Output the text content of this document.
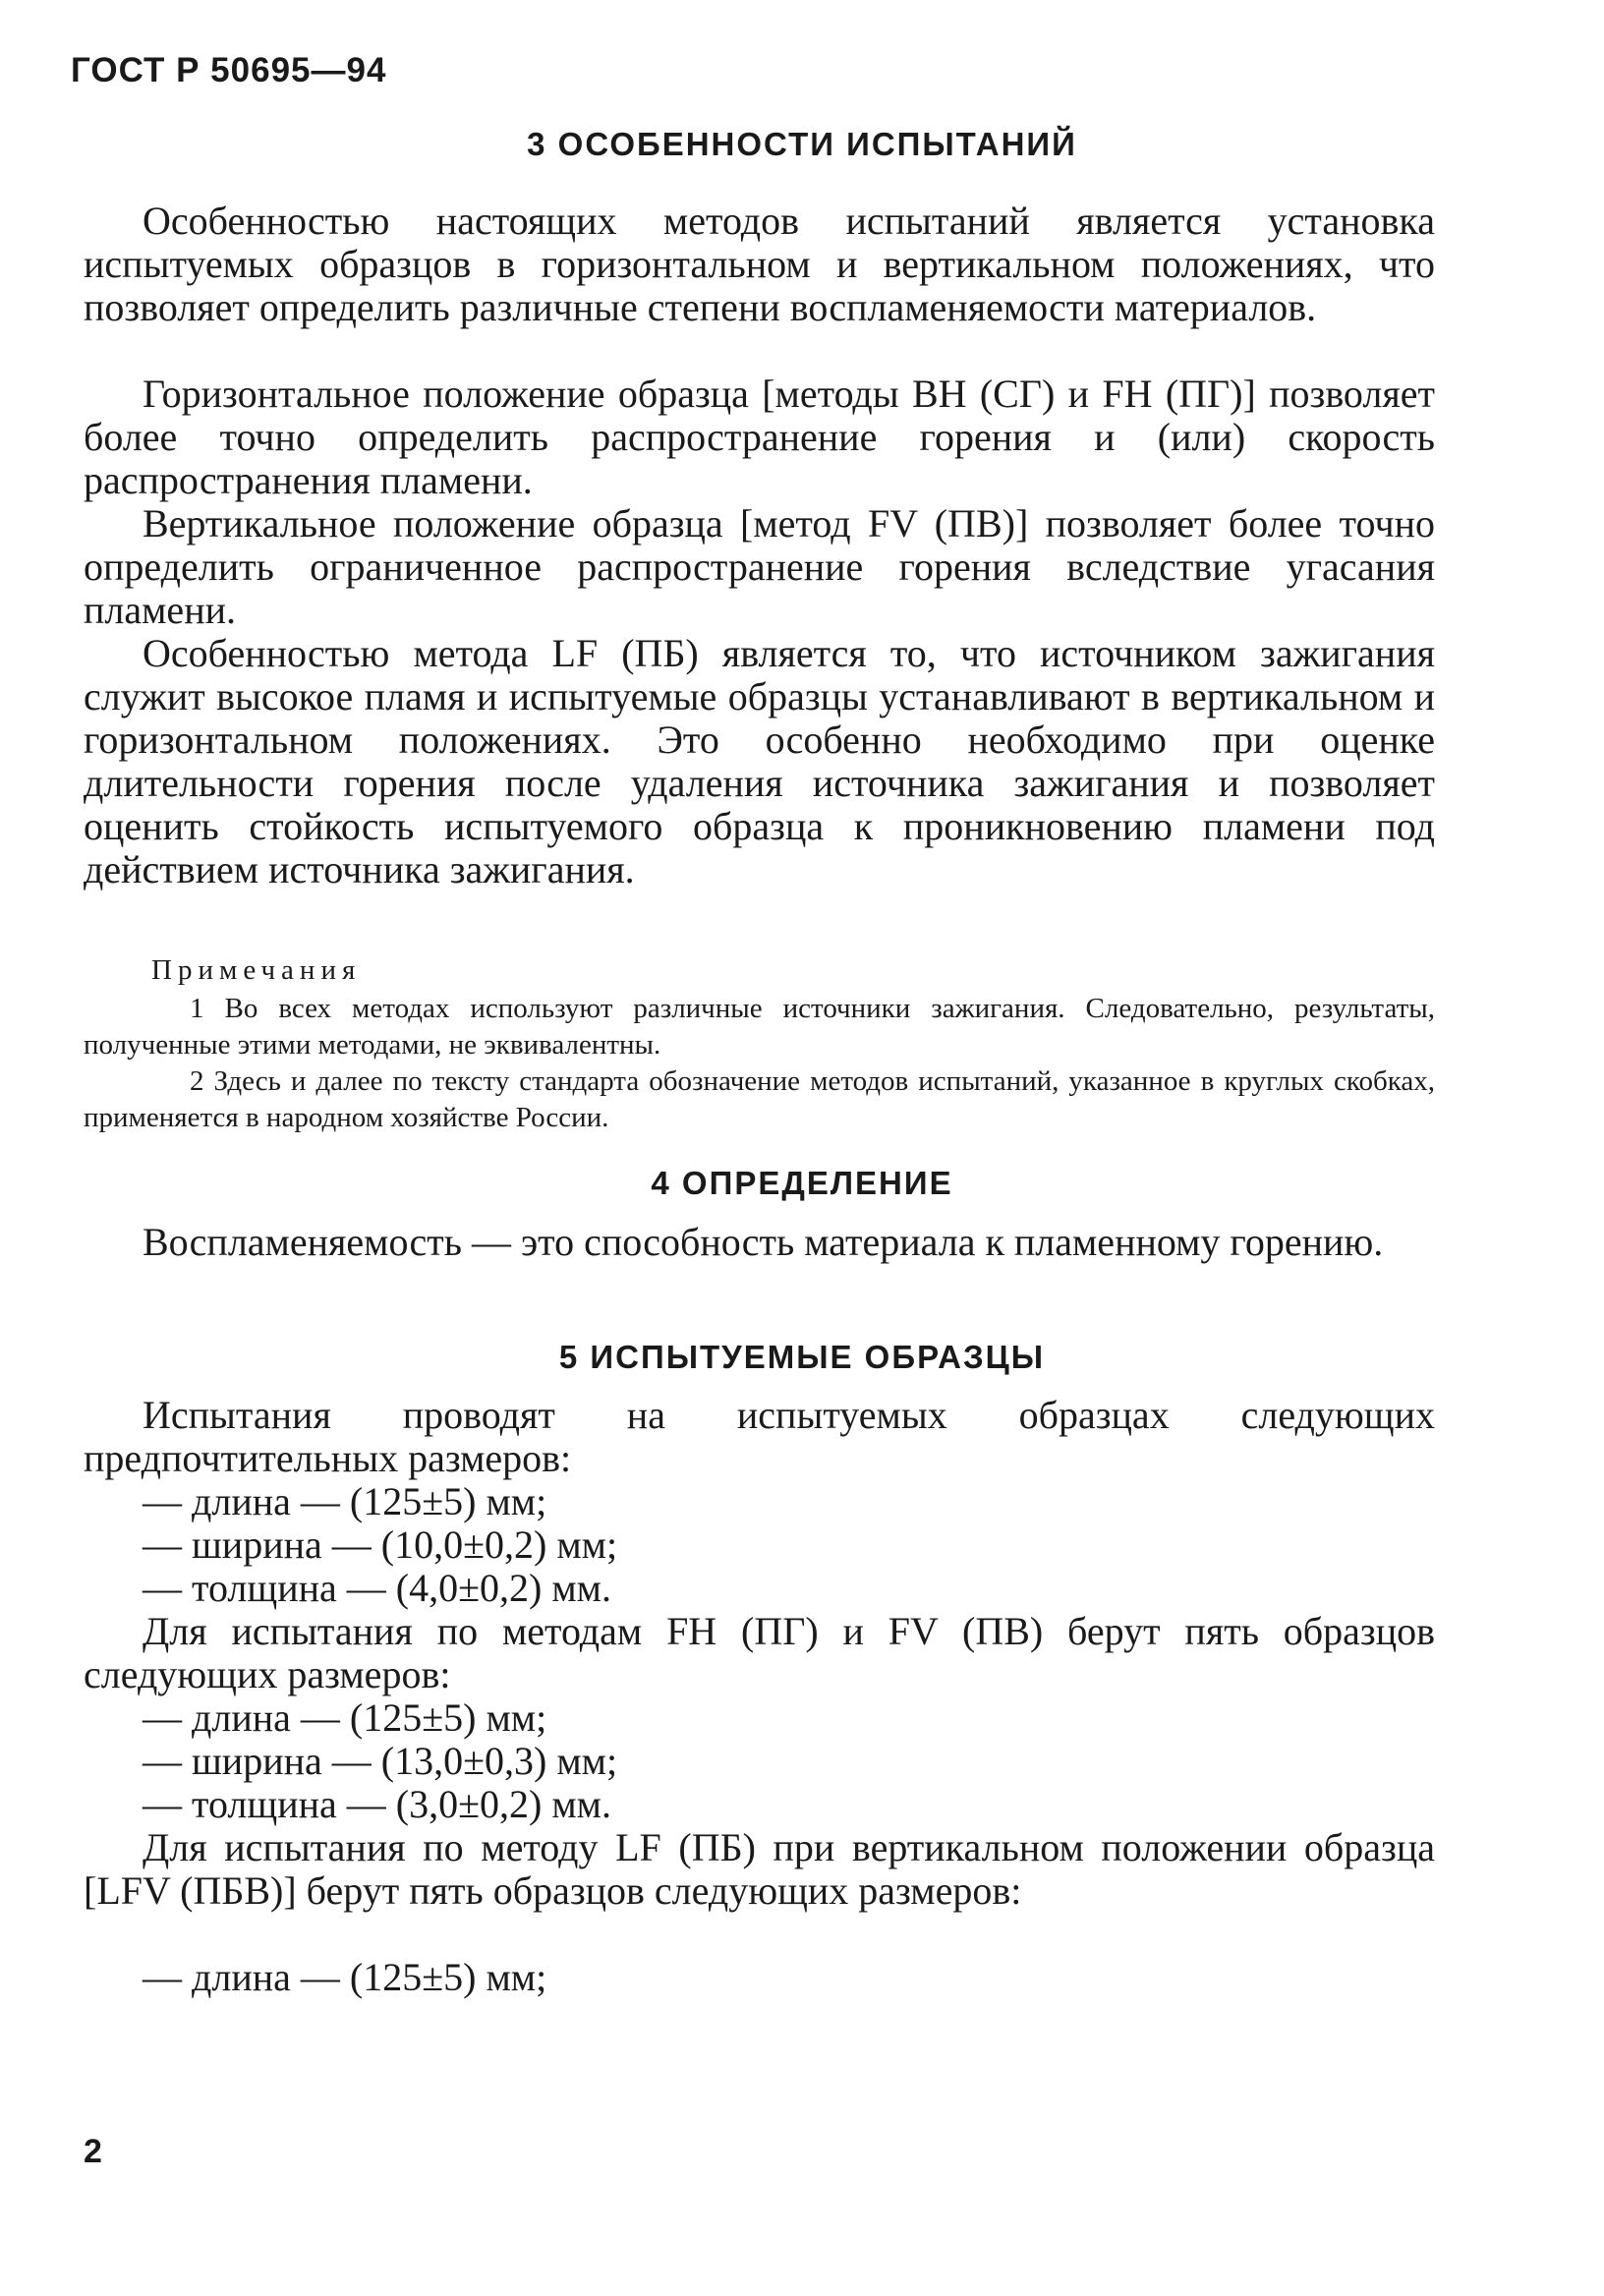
ГОСТ Р 50695—94
3 ОСОБЕННОСТИ ИСПЫТАНИЙ

Особенностью настоящих методов испытаний является установка испытуемых образцов в горизонтальном и вертикальном положениях, что позволяет определить различные степени воспламеняемости материалов.

Горизонтальное положение образца [методы ВН (СГ) и FH (ПГ)] позволяет более точно определить распространение горения и (или) скорость распространения пламени.

Вертикальное положение образца [метод FV (ПВ)] позволяет более точно определить ограниченное распространение горения вследствие угасания пламени.

Особенностью метода LF (ПБ) является то, что источником зажигания служит высокое пламя и испытуемые образцы устанавливают в вертикальном и горизонтальном положениях. Это особенно необходимо при оценке длительности горения после удаления источника зажигания и позволяет оценить стойкость испытуемого образца к проникновению пламени под действием источника зажигания.

Примечания

1 Во всех методах используют различные источники зажигания. Следовательно, результаты, полученные этими методами, не эквивалентны.

2 Здесь и далее по тексту стандарта обозначение методов испытаний, указанное в круглых скобках, применяется в народном хозяйстве России.

4 ОПРЕДЕЛЕНИЕ

Воспламеняемость — это способность материала к пламенному горению.

5 ИСПЫТУЕМЫЕ ОБРАЗЦЫ

Испытания проводят на испытуемых образцах следующих предпочтительных размеров:

— длина — (125±5) мм;
— ширина — (10,0±0,2) мм;
— толщина — (4,0±0,2) мм.

Для испытания по методам FH (ПГ) и FV (ПВ) берут пять образцов следующих размеров:

— длина — (125±5) мм;
— ширина — (13,0±0,3) мм;
— толщина — (3,0±0,2) мм.

Для испытания по методу LF (ПБ) при вертикальном положении образца [LFV (ПБВ)] берут пять образцов следующих размеров:

— длина — (125±5) мм;
2
